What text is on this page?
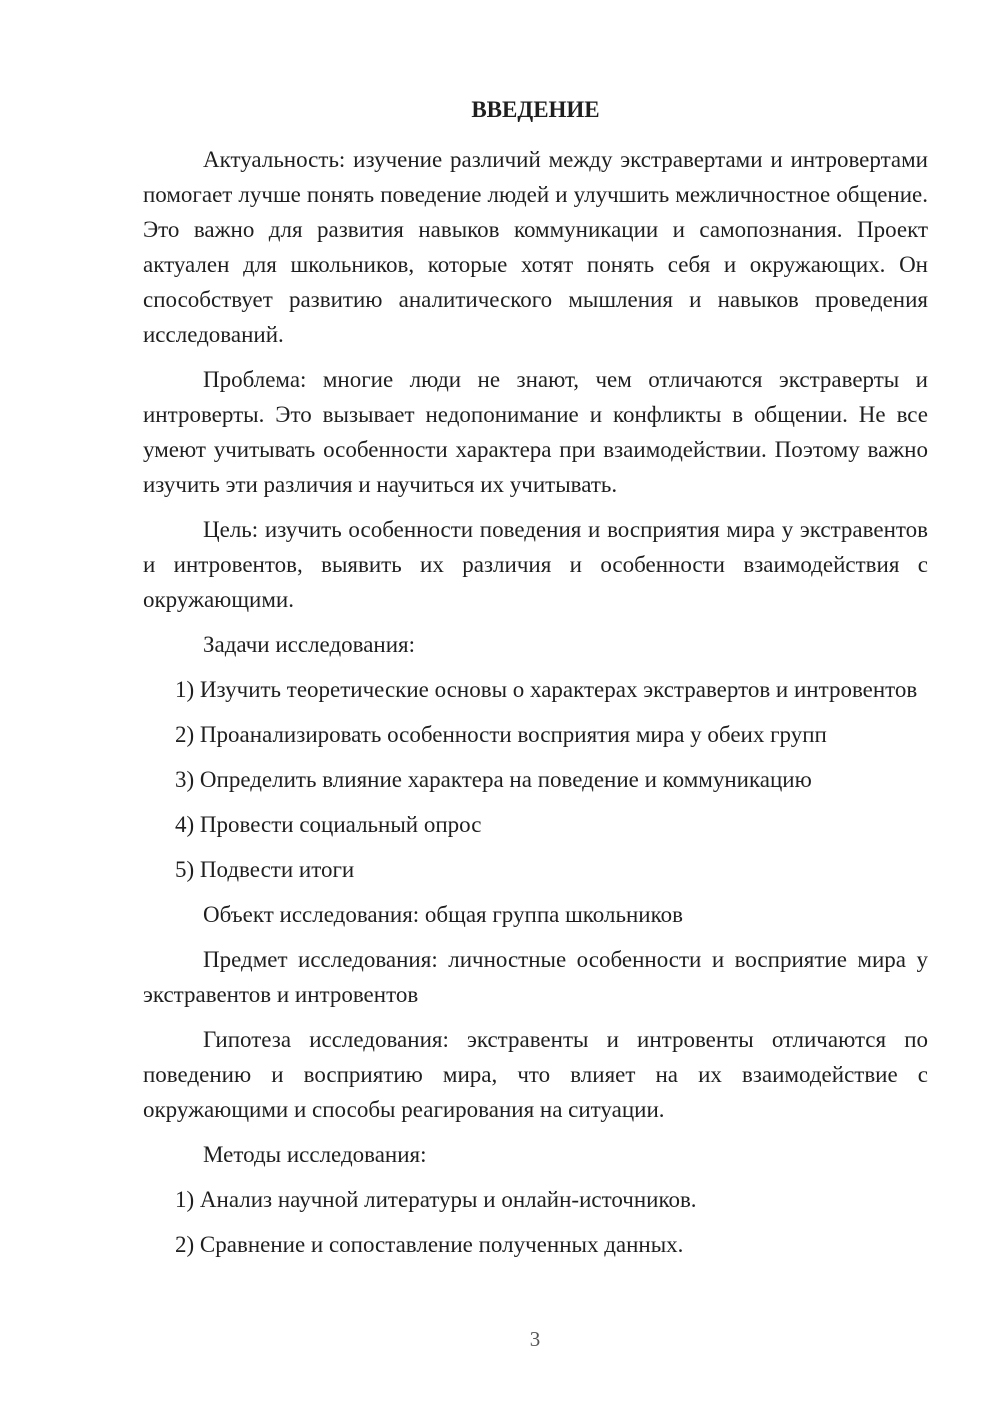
ВВЕДЕНИЕ

Актуальность: изучение различий между экстравертами и интровертами помогает лучше понять поведение людей и улучшить межличностное общение. Это важно для развития навыков коммуникации и самопознания. Проект актуален для школьников, которые хотят понять себя и окружающих. Он способствует развитию аналитического мышления и навыков проведения исследований.

Проблема: многие люди не знают, чем отличаются экстраверты и интроверты. Это вызывает недопонимание и конфликты в общении. Не все умеют учитывать особенности характера при взаимодействии. Поэтому важно изучить эти различия и научиться их учитывать.

Цель: изучить особенности поведения и восприятия мира у экстравентов и интровентов, выявить их различия и особенности взаимодействия с окружающими.

Задачи исследования:

1) Изучить теоретические основы о характерах экстравертов и интровентов

2) Проанализировать особенности восприятия мира у обеих групп

3) Определить влияние характера на поведение и коммуникацию

4) Провести социальный опрос

5) Подвести итоги

Объект исследования: общая группа школьников

Предмет исследования: личностные особенности и восприятие мира у экстравентов и интровентов

Гипотеза исследования: экстравенты и интровенты отличаются по поведению и восприятию мира, что влияет на их взаимодействие с окружающими и способы реагирования на ситуации.

Методы исследования:

1) Анализ научной литературы и онлайн-источников.

2) Сравнение и сопоставление полученных данных.

3
